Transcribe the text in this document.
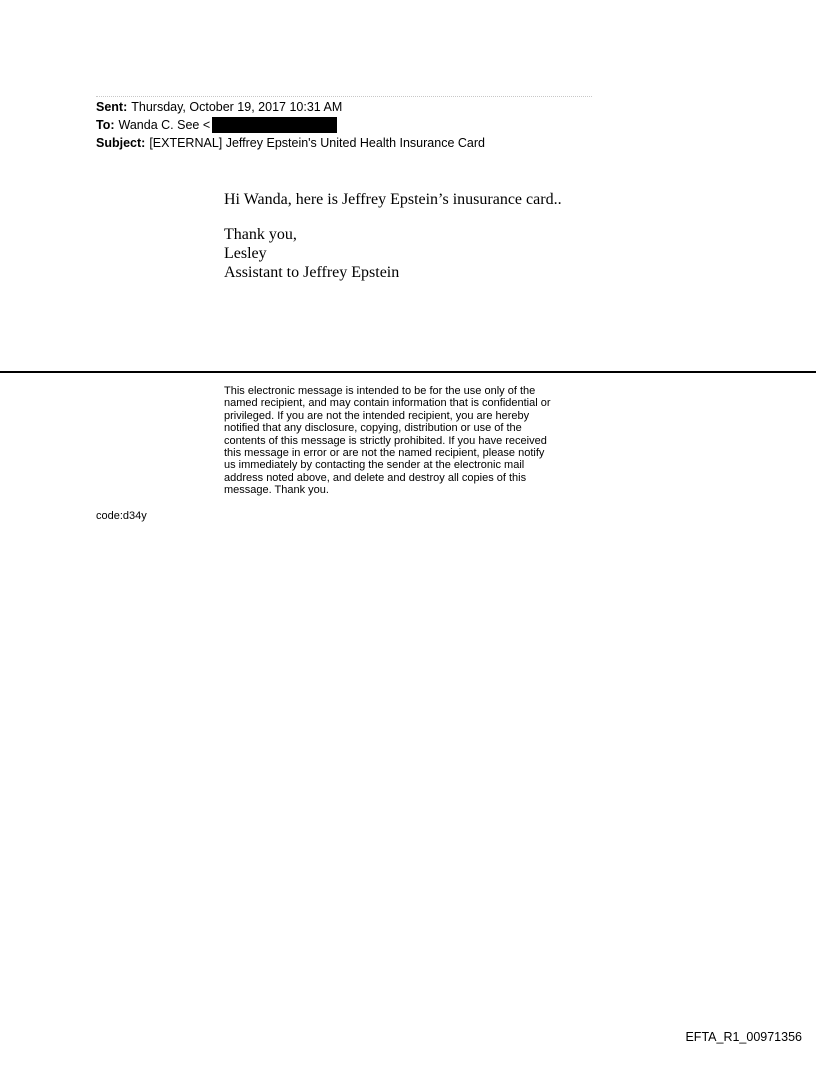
Sent: Thursday, October 19, 2017 10:31 AM
To: Wanda C. See <
Subject: [EXTERNAL] Jeffrey Epstein's United Health Insurance Card

Hi Wanda, here is Jeffrey Epstein’s inusurance card..

Thank you,

Lesley

Assistant to Jeffrey Epstein

This electronic message is intended to be for the use only of the
named recipient, and may contain information that is confidential or
privileged. If you are not the intended recipient, you are hereby
notified that any disclosure, copying, distribution or use of the
contents of this message is strictly prohibited. If you have received
this message in error or are not the named recipient, please notify
us immediately by contacting the sender at the electronic mail
address noted above, and delete and destroy all copies of this
message. Thank you.
code:d34y
EFTA_R1_00971356
